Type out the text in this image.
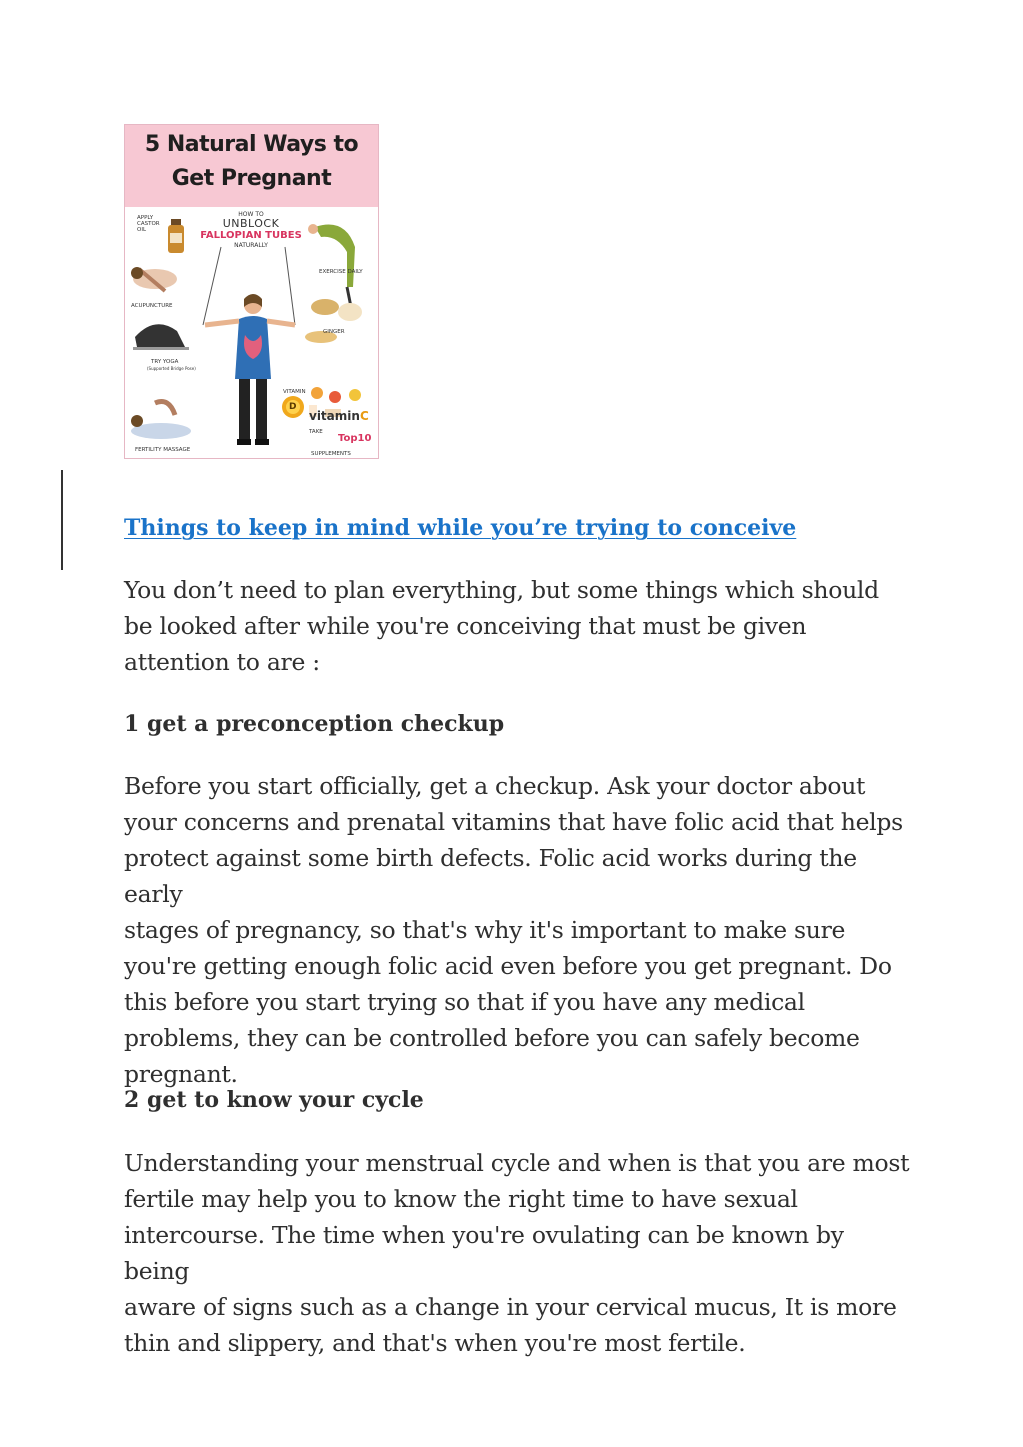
5 Natural Ways to
Get Pregnant
HOW TO
UNBLOCK
FALLOPIAN TUBES
NATURALLY
APPLY CASTOR OIL
EXERCISE DAILY
ACUPUNCTURE
GINGER
TRY YOGA
(Supported Bridge Pose)
VITAMIN
D
TAKE
SUPPLEMENTS
FERTILITY MASSAGE
vitaminC
Top10
Things to keep in mind while you’re trying to conceive
You don’t need to plan everything, but some things which should
be looked after while you're conceiving that must be given
attention to are :
1 get a preconception checkup
Before you start officially, get a checkup. Ask your doctor about
your concerns and prenatal vitamins that have folic acid that helps
protect against some birth defects. Folic acid works during the early
stages of pregnancy, so that's why it's important to make sure
you're getting enough folic acid even before you get pregnant. Do
this before you start trying so that if you have any medical
problems, they can be controlled before you can safely become
pregnant.
2 get to know your cycle
Understanding your menstrual cycle and when is that you are most
fertile may help you to know the right time to have sexual
intercourse. The time when you're ovulating can be known by being
aware of signs such as a change in your cervical mucus, It is more
thin and slippery, and that's when you're most fertile.
